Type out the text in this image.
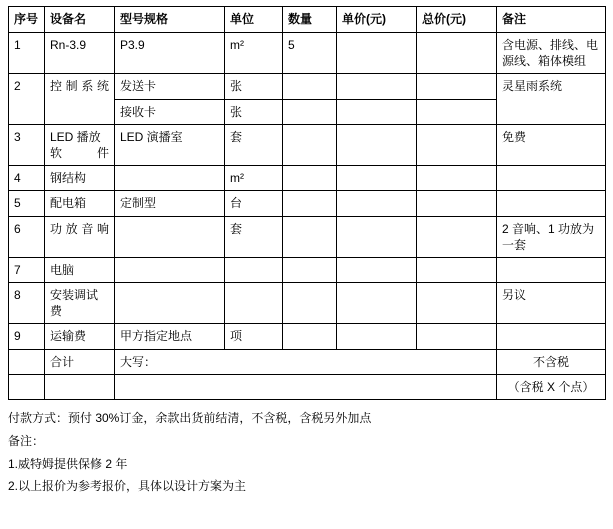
序号	设备名	型号规格	单位	数量	单价(元)	总价(元)	备注
1	Rn-3.9	P3.9	m²	5			含电源、排线、电源线、箱体模组
2	控制系统	发送卡	张				灵星雨系统
		接收卡	张				
3	LED 播放软件	LED 演播室	套				免费
4	钢结构		m²				
5	配电箱	定制型	台				
6	功放音响		套				2 音响、1 功放为一套
7	电脑						
8	安装调试费						另议
9	运输费	甲方指定地点	项				
	合计	大写：					不含税
							（含税 X 个点）
付款方式：预付 30%订金，余款出货前结清，不含税，含税另外加点
备注：
1.威特姆提供保修 2 年
2.以上报价为参考报价，具体以设计方案为主
